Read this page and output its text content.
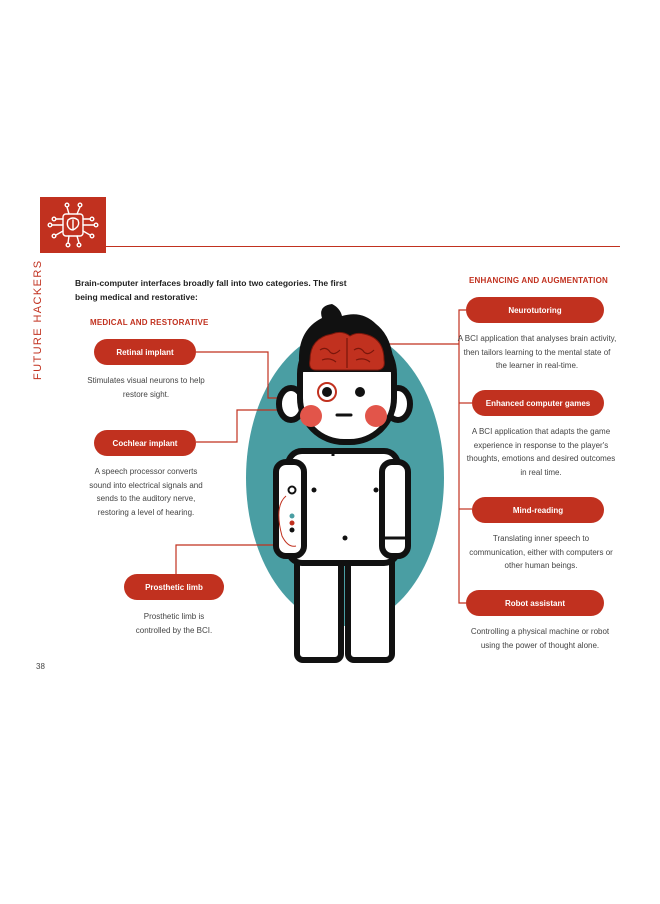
FUTURE HACKERS	Brain-computer interfaces broadly fall into two categories. The first being medical and restorative:
MEDICAL AND RESTORATIVE
Retinal implant
Stimulates visual neurons to help restore sight.
Cochlear implant
A speech processor converts sound into electrical signals and sends to the auditory nerve, restoring a level of hearing.
Prosthetic limb
Prosthetic limb is controlled by the BCI.
ENHANCING AND AUGMENTATION
Neurotutoring
A BCI application that analyses brain activity, then tailors learning to the mental state of the learner in real-time.
Enhanced computer games
A BCI application that adapts the game experience in response to the player's thoughts, emotions and desired outcomes in real time.
Mind-reading
Translating inner speech to communication, either with computers or other human beings.
Robot assistant
Controlling a physical machine or robot using the power of thought alone.
38
